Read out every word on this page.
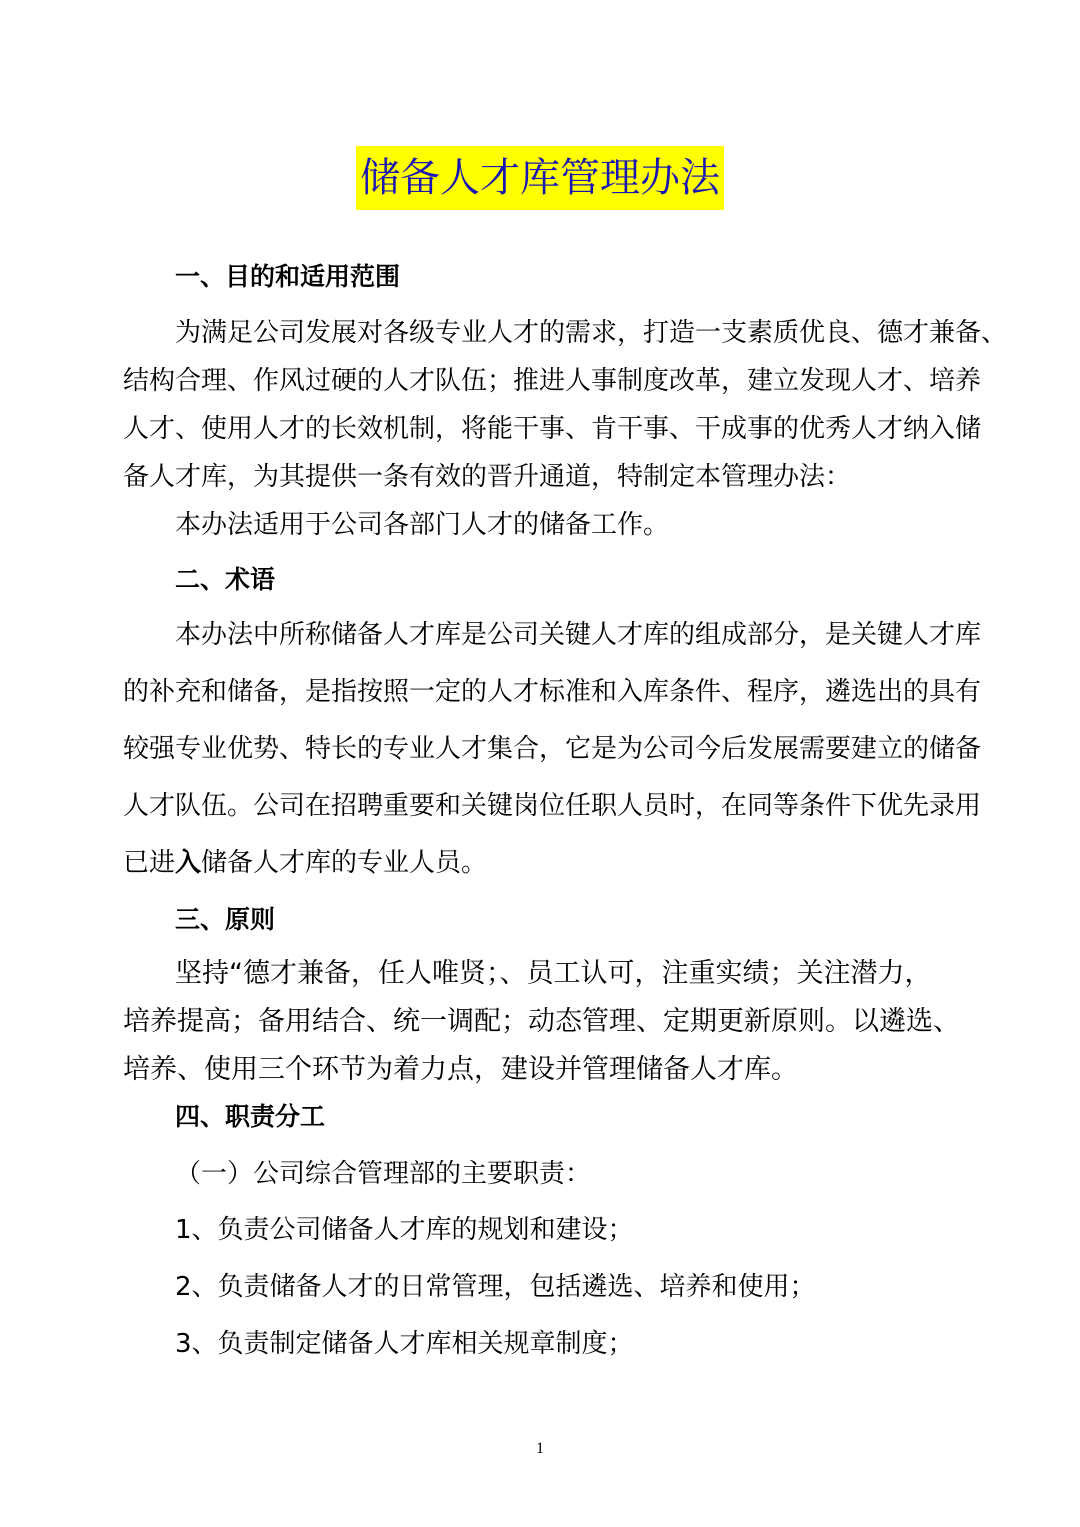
储备人才库管理办法
一、目的和适用范围
为满足公司发展对各级专业人才的需求，打造一支素质优良、德才兼备、
结构合理、作风过硬的人才队伍；推进人事制度改革，建立发现人才、培养
人才、使用人才的长效机制，将能干事、肯干事、干成事的优秀人才纳入储
备人才库，为其提供一条有效的晋升通道，特制定本管理办法：
本办法适用于公司各部门人才的储备工作。
二、术语
本办法中所称储备人才库是公司关键人才库的组成部分，是关键人才库
的补充和储备，是指按照一定的人才标准和入库条件、程序，遴选出的具有
较强专业优势、特长的专业人才集合，它是为公司今后发展需要建立的储备
人才队伍。公司在招聘重要和关键岗位任职人员时，在同等条件下优先录用
已进入储备人才库的专业人员。
三、原则
坚持“德才兼备，任人唯贤；、员工认可，注重实绩；关注潜力，
培养提高；备用结合、统一调配；动态管理、定期更新原则。以遴选、
培养、使用三个环节为着力点，建设并管理储备人才库。
四、职责分工
（一）公司综合管理部的主要职责：
1、负责公司储备人才库的规划和建设；
2、负责储备人才的日常管理，包括遴选、培养和使用；
3、负责制定储备人才库相关规章制度；
1
